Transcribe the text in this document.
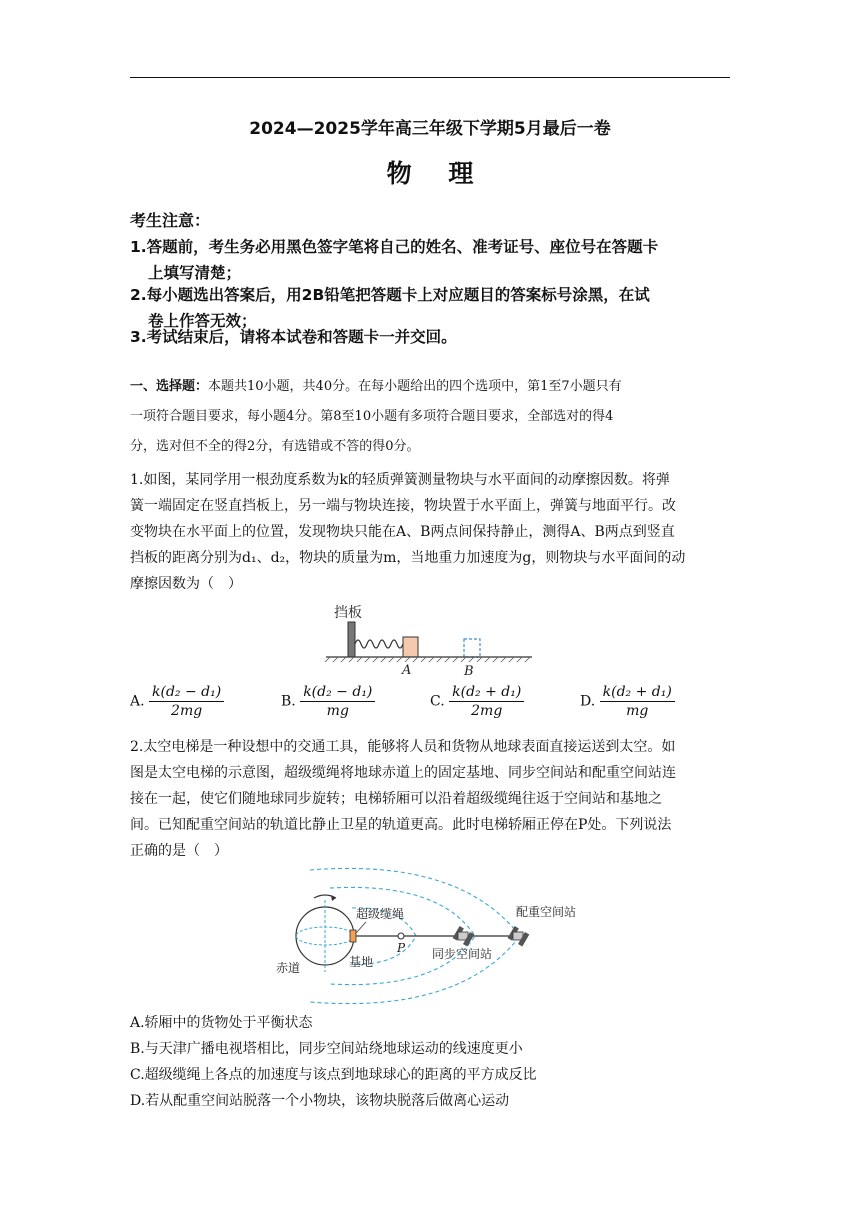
2024—2025学年高三年级下学期5月最后一卷
物 理
考生注意：
1.答题前，考生务必用黑色签字笔将自己的姓名、准考证号、座位号在答题卡
上填写清楚；
2.每小题选出答案后，用2B铅笔把答题卡上对应题目的答案标号涂黑，在试
卷上作答无效；
3.考试结束后，请将本试卷和答题卡一并交回。
一、选择题：本题共10小题，共40分。在每小题给出的四个选项中，第1至7小题只有
一项符合题目要求，每小题4分。第8至10小题有多项符合题目要求，全部选对的得4
分，选对但不全的得2分，有选错或不答的得0分。
1.如图，某同学用一根劲度系数为k的轻质弹簧测量物块与水平面间的动摩擦因数。将弹
簧一端固定在竖直挡板上，另一端与物块连接，物块置于水平面上，弹簧与地面平行。改
变物块在水平面上的位置，发现物块只能在A、B两点间保持静止，测得A、B两点到竖直
挡板的距离分别为d₁、d₂，物块的质量为m，当地重力加速度为g，则物块与水平面间的动
摩擦因数为（　）
挡板
A	B
A. $\frac{\text{k(d₂ − d₁)}}{2mg}$	B. $\frac{\text{k(d₂ − d₁)}}{mg}$	C. $\frac{\text{k(d₂ + d₁)}}{2mg}$	D. $\frac{\text{k(d₂ + d₁)}}{mg}$
2.太空电梯是一种设想中的交通工具，能够将人员和货物从地球表面直接运送到太空。如
图是太空电梯的示意图，超级缆绳将地球赤道上的固定基地、同步空间站和配重空间站连
接在一起，使它们随地球同步旋转；电梯轿厢可以沿着超级缆绳往返于空间站和基地之
间。已知配重空间站的轨道比静止卫星的轨道更高。此时电梯轿厢正停在P处。下列说法
正确的是（　）
超级缆绳	配重空间站
P
赤道	基地
同步空间站
A.轿厢中的货物处于平衡状态
B.与天津广播电视塔相比，同步空间站绕地球运动的线速度更小
C.超级缆绳上各点的加速度与该点到地球球心的距离的平方成反比
D.若从配重空间站脱落一个小物块，该物块脱落后做离心运动
